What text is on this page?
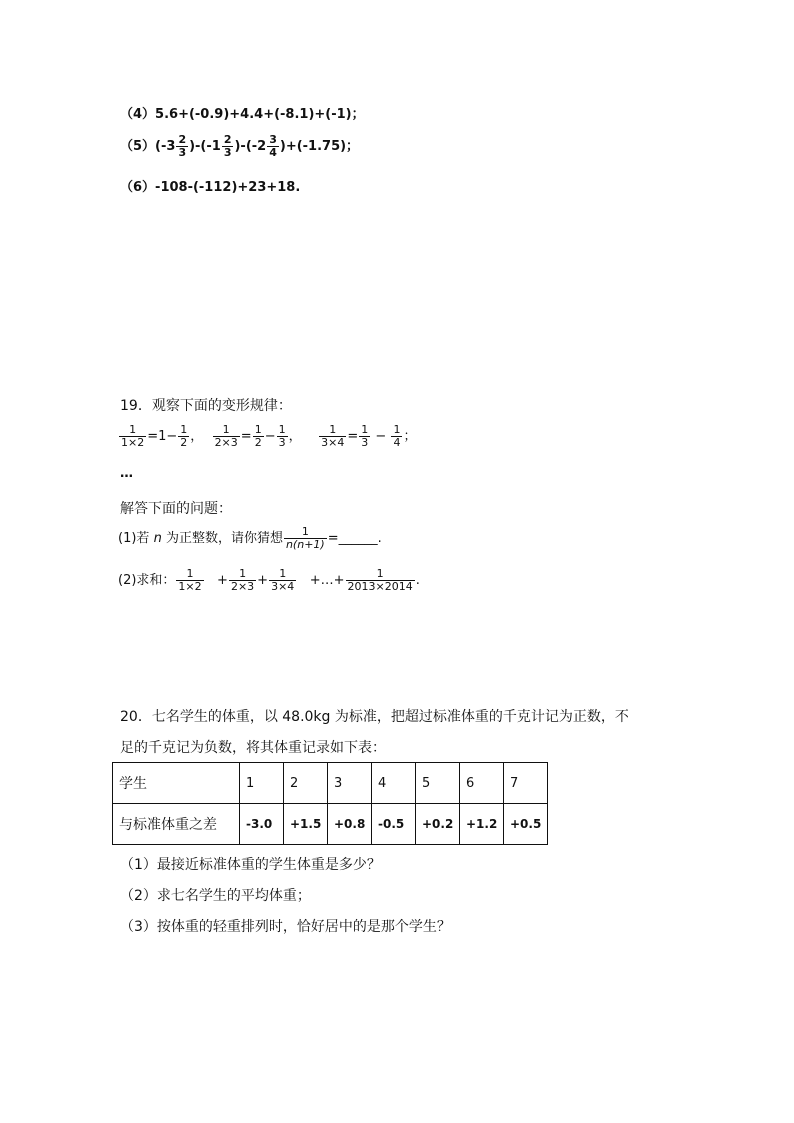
（4）5.6+(-0.9)+4.4+(-8.1)+(-1)；
$(5)(-3 \frac{2}{3} )-(-1 \frac{2}{3} )-(-2 \frac{3}{4} )+(-1.75)$；
（6）-108-(-112)+23+18.
19．观察下面的变形规律：
$\frac{1}{1\times 2} =1- \frac{1}{2}$ ， $\frac{1}{2\times 3} = \frac{1}{2} - \frac{1}{3}$ ， $\frac{1}{3\times 4} = \frac{1}{3} - \frac{1}{4}$ ；
…
解答下面的问题：
(1)若 n 为正整数，请你猜想 $\frac{1}{n(n+1)}$ =______.
(2)求和： $\frac{1}{1\times 2} + \frac{1}{2\times 3} + \frac{1}{3\times 4}$ +…+ $\frac{1}{2013\times 2014}$ .
20．七名学生的体重，以 48.0kg 为标准，把超过标准体重的千克计记为正数，不
足的千克记为负数，将其体重记录如下表：
学生	1	2	3	4	5	6	7
与标准体重之差	-3.0	+1.5	+0.8	-0.5	+0.2	+1.2	+0.5
（1）最接近标准体重的学生体重是多少？
（2）求七名学生的平均体重；
（3）按体重的轻重排列时，恰好居中的是那个学生？
